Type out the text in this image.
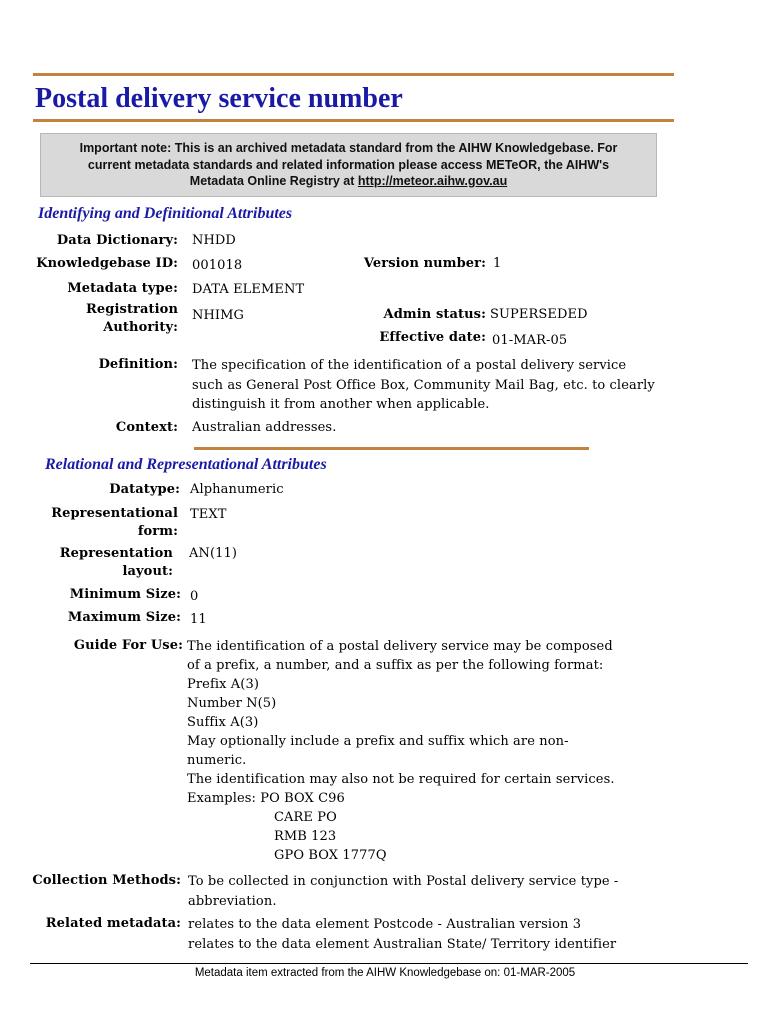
Postal delivery service number
Important note: This is an archived metadata standard from the AIHW Knowledgebase. For
current metadata standards and related information please access METeOR, the AIHW's
Metadata Online Registry at http://meteor.aihw.gov.au
Identifying and Definitional Attributes
Data Dictionary: NHDD
Knowledgebase ID: 001018	Version number: 1
Metadata type: DATA ELEMENT
Registration
Authority:
NHIMG	Admin status: SUPERSEDED
Effective date: 01-MAR-05
Definition: The specification of the identification of a postal delivery service
such as General Post Office Box, Community Mail Bag, etc. to clearly
distinguish it from another when applicable.
Context: Australian addresses.
Relational and Representational Attributes
Datatype: Alphanumeric
Representational
form:
TEXT
Representation
layout:
AN(11)
Minimum Size: 0
Maximum Size: 11
Guide For Use: The identification of a postal delivery service may be composed
of a prefix, a number, and a suffix as per the following format:
Prefix A(3)
Number N(5)
Suffix A(3)
May optionally include a prefix and suffix which are non-
numeric.
The identification may also not be required for certain services.
Examples: PO BOX C96
CARE PO
RMB 123
GPO BOX 1777Q
Collection Methods: To be collected in conjunction with Postal delivery service type -
abbreviation.
Related metadata: relates to the data element Postcode - Australian version 3
relates to the data element Australian State/ Territory identifier
Metadata item extracted from the AIHW Knowledgebase on: 01-MAR-2005
